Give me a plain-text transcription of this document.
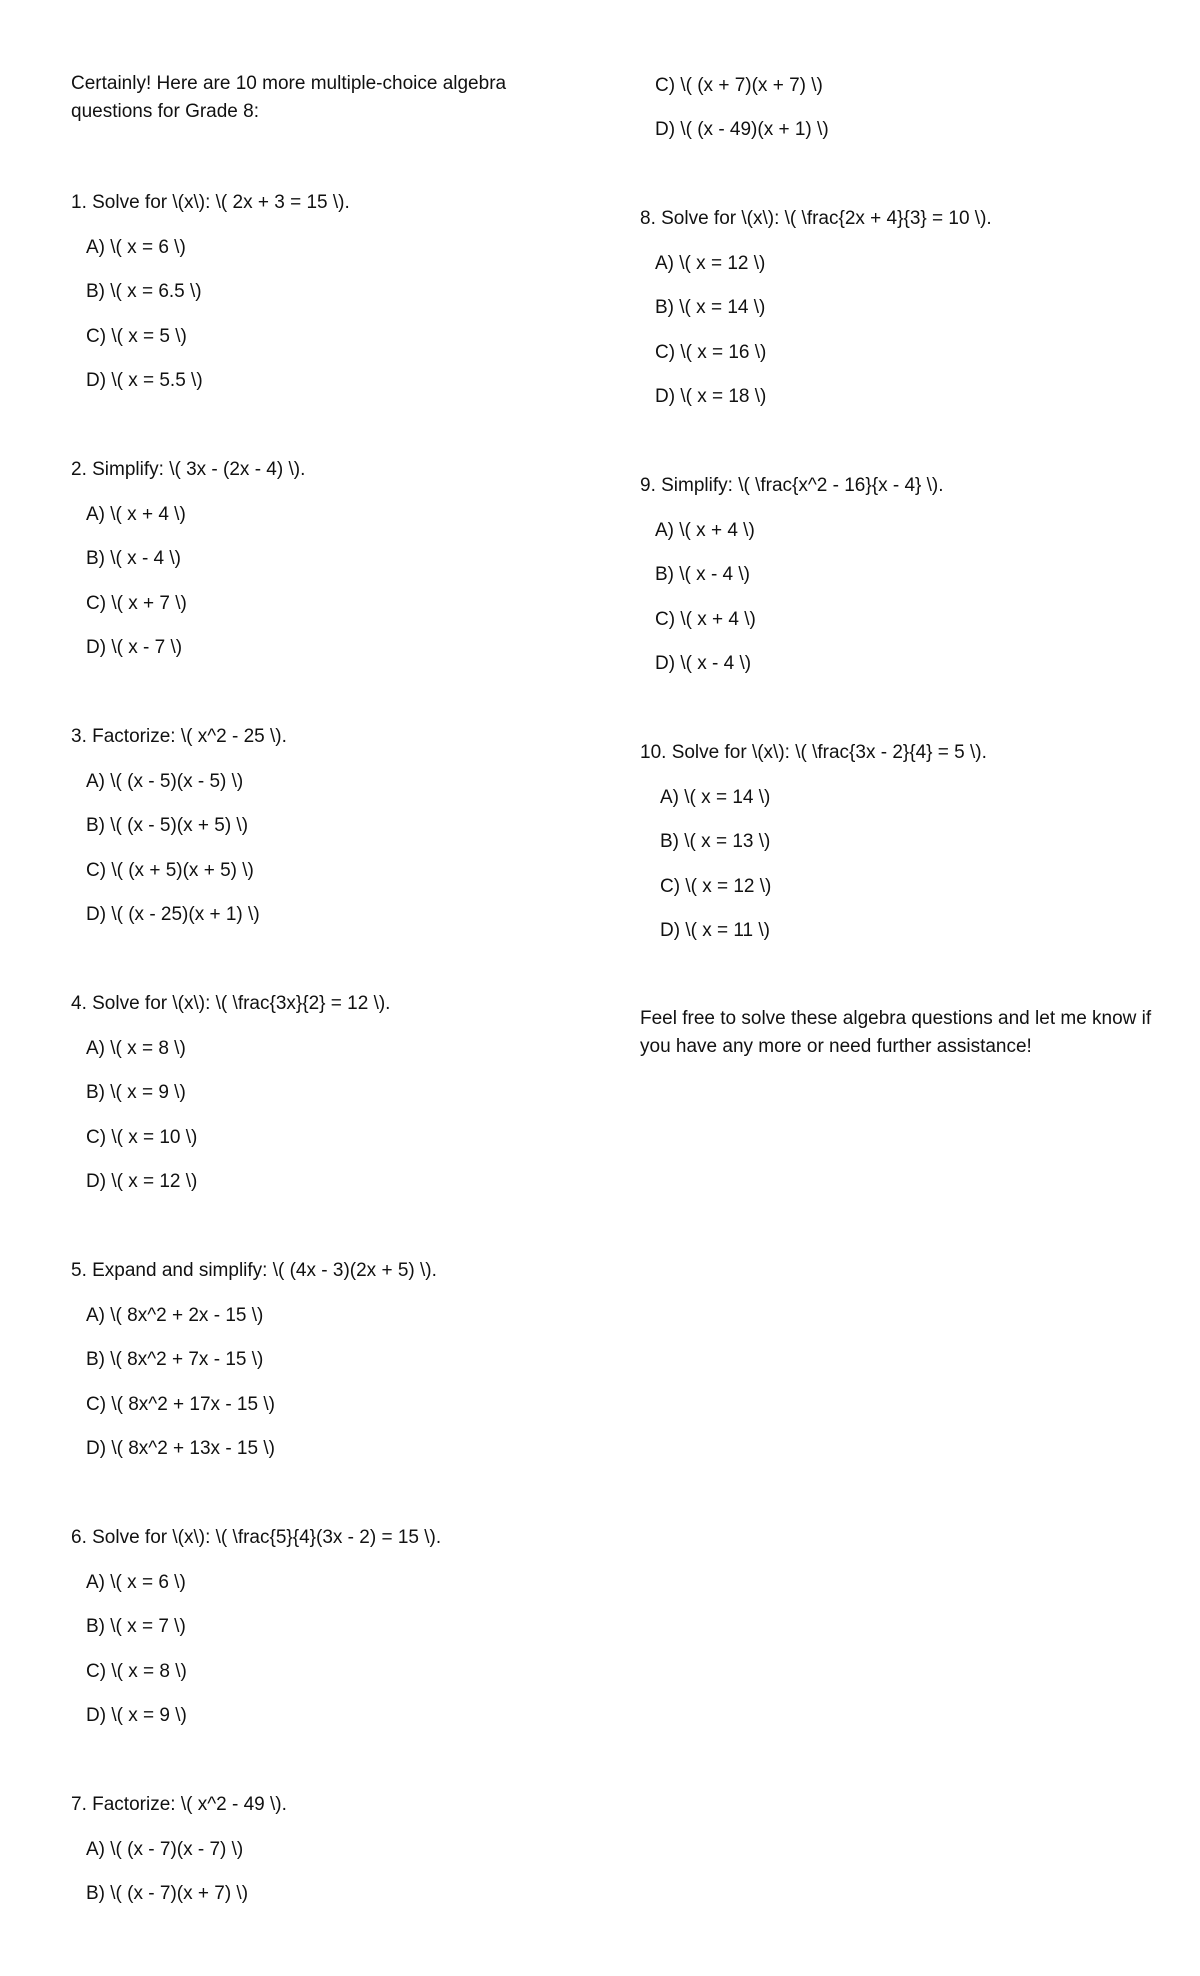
Certainly! Here are 10 more multiple-choice algebra questions for Grade 8:
1. Solve for \(x\): \( 2x + 3 = 15 \).
A) \( x = 6 \)
B) \( x = 6.5 \)
C) \( x = 5 \)
D) \( x = 5.5 \)
2. Simplify: \( 3x - (2x - 4) \).
A) \( x + 4 \)
B) \( x - 4 \)
C) \( x + 7 \)
D) \( x - 7 \)
3. Factorize: \( x^2 - 25 \).
A) \( (x - 5)(x - 5) \)
B) \( (x - 5)(x + 5) \)
C) \( (x + 5)(x + 5) \)
D) \( (x - 25)(x + 1) \)
4. Solve for \(x\): \( \frac{3x}{2} = 12 \).
A) \( x = 8 \)
B) \( x = 9 \)
C) \( x = 10 \)
D) \( x = 12 \)
5. Expand and simplify: \( (4x - 3)(2x + 5) \).
A) \( 8x^2 + 2x - 15 \)
B) \( 8x^2 + 7x - 15 \)
C) \( 8x^2 + 17x - 15 \)
D) \( 8x^2 + 13x - 15 \)
6. Solve for \(x\): \( \frac{5}{4}(3x - 2) = 15 \).
A) \( x = 6 \)
B) \( x = 7 \)
C) \( x = 8 \)
D) \( x = 9 \)
7. Factorize: \( x^2 - 49 \).
A) \( (x - 7)(x - 7) \)
B) \( (x - 7)(x + 7) \)
C) \( (x + 7)(x + 7) \)
D) \( (x - 49)(x + 1) \)
8. Solve for \(x\): \( \frac{2x + 4}{3} = 10 \).
A) \( x = 12 \)
B) \( x = 14 \)
C) \( x = 16 \)
D) \( x = 18 \)
9. Simplify: \( \frac{x^2 - 16}{x - 4} \).
A) \( x + 4 \)
B) \( x - 4 \)
C) \( x + 4 \)
D) \( x - 4 \)
10. Solve for \(x\): \( \frac{3x - 2}{4} = 5 \).
A) \( x = 14 \)
B) \( x = 13 \)
C) \( x = 12 \)
D) \( x = 11 \)
Feel free to solve these algebra questions and let me know if you have any more or need further assistance!
